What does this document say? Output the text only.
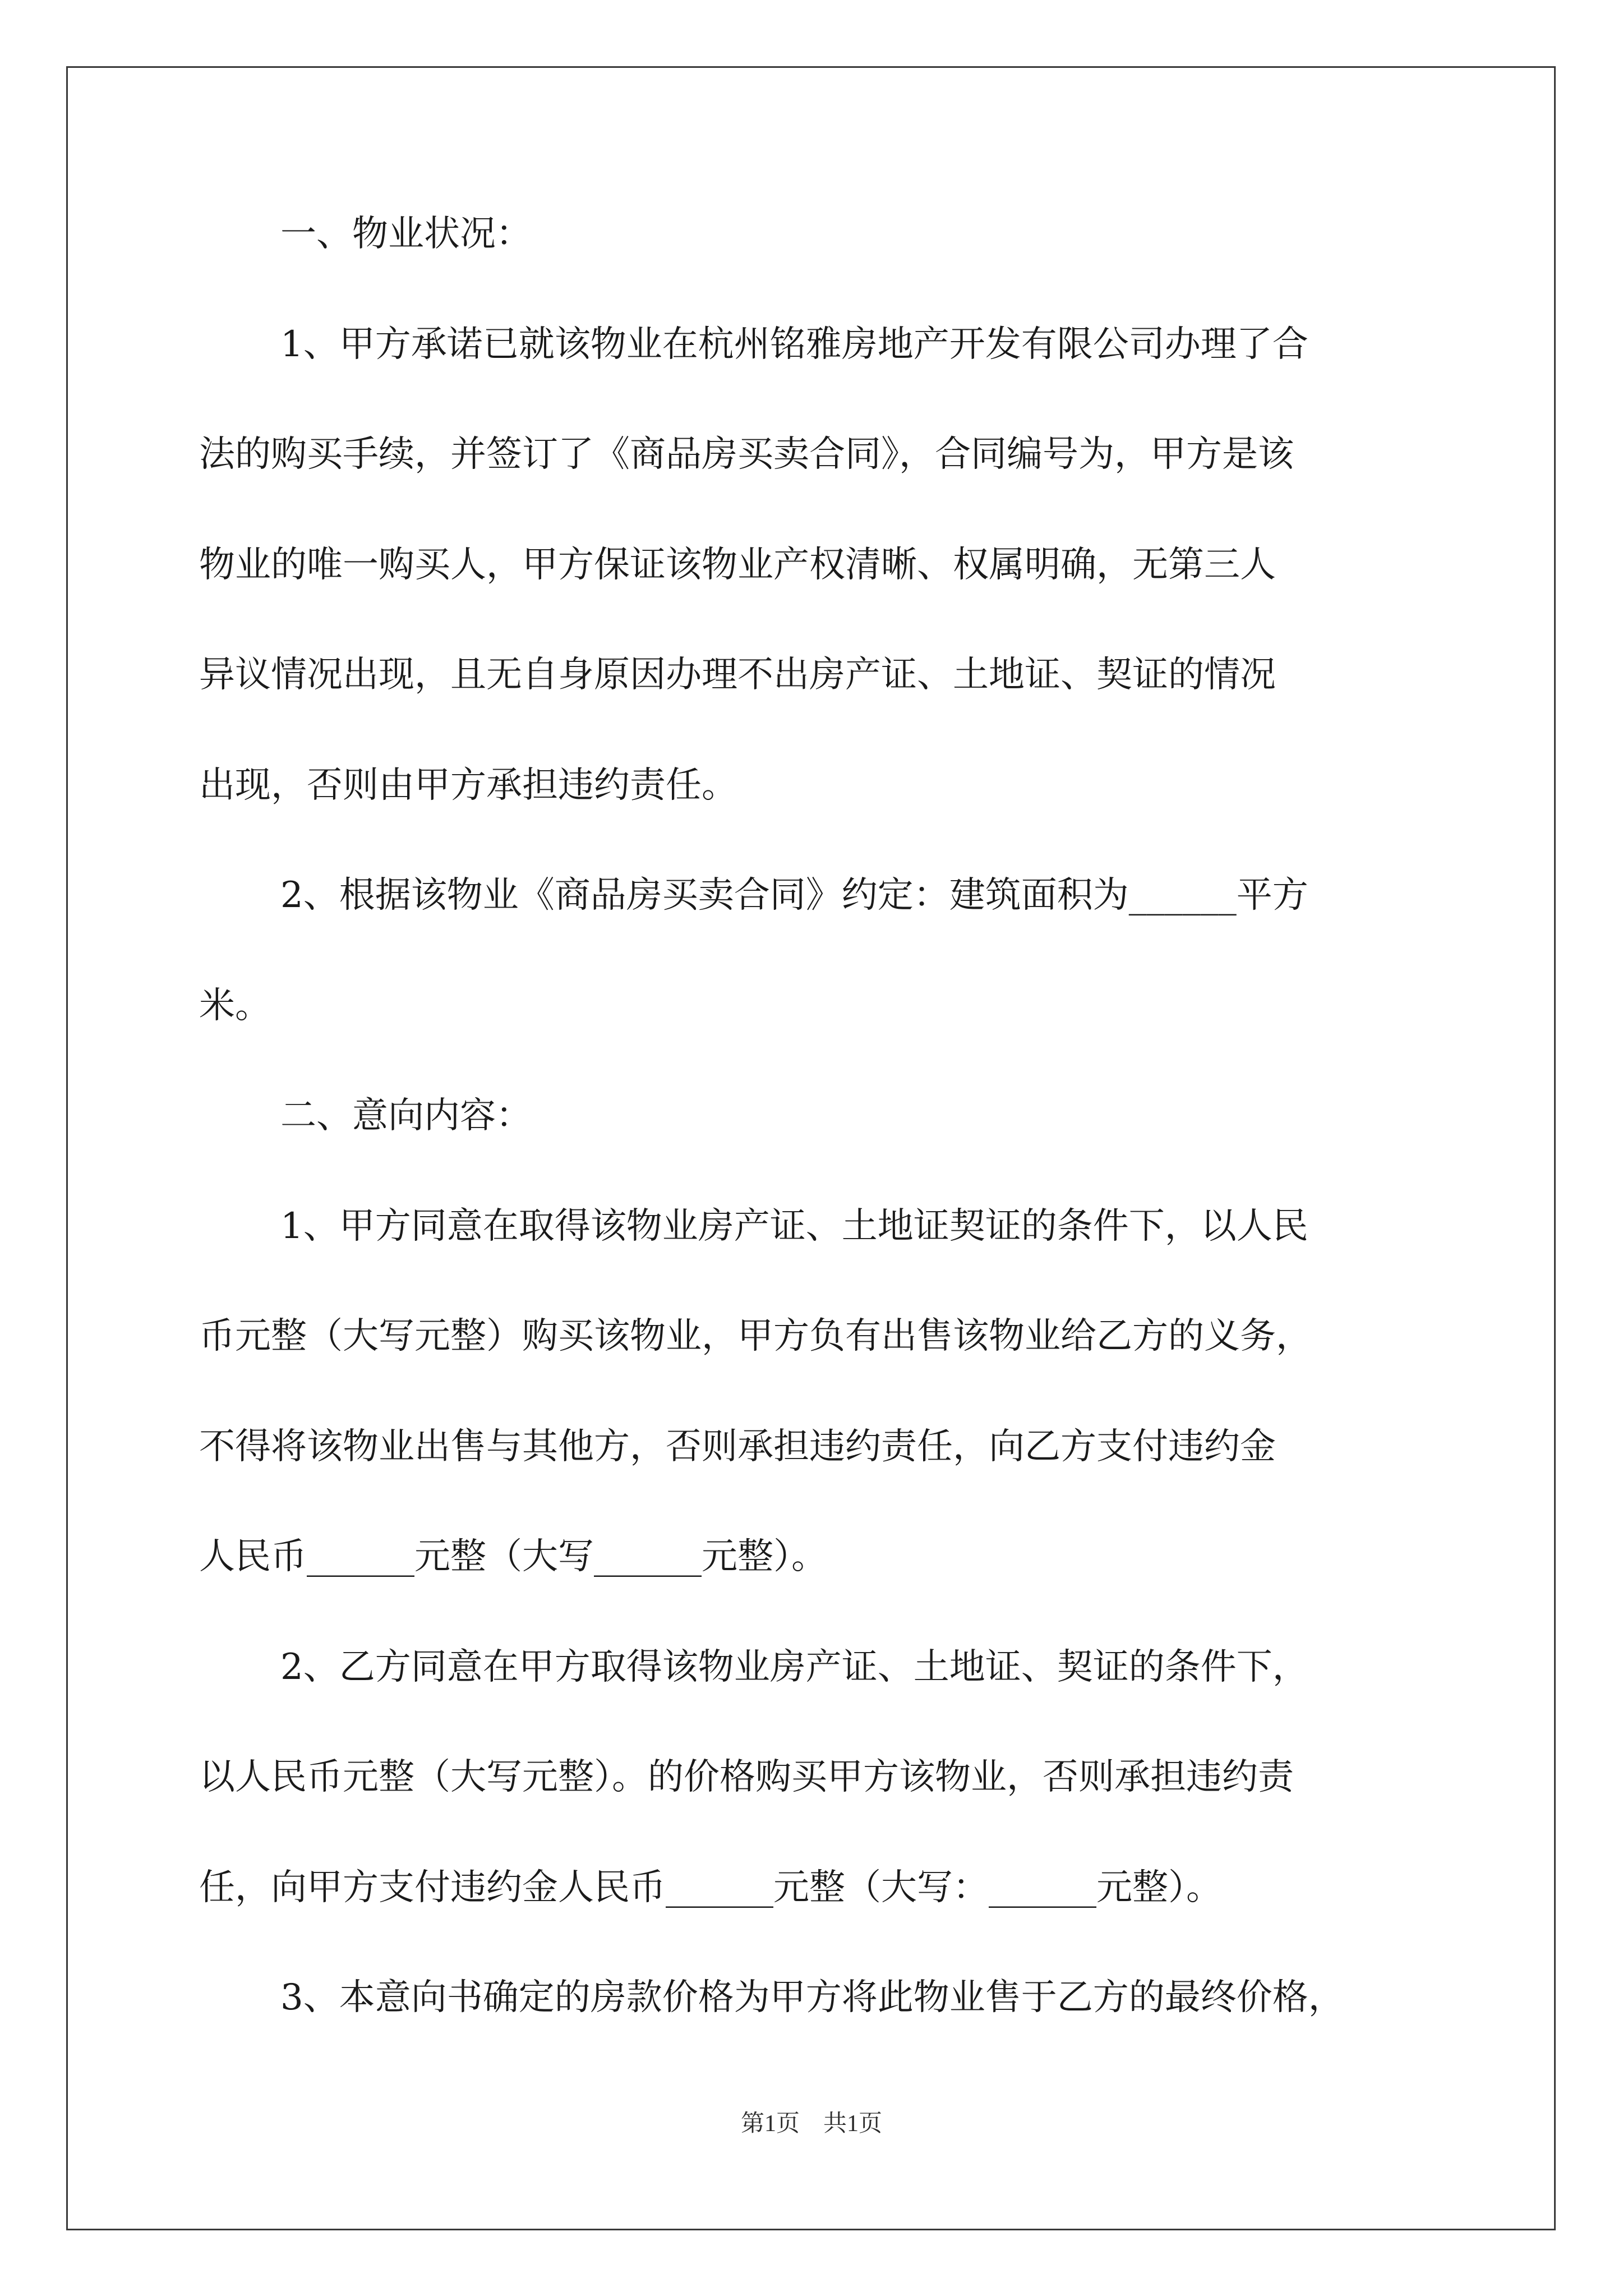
一、物业状况：
1、甲方承诺已就该物业在杭州铭雅房地产开发有限公司办理了合
法的购买手续，并签订了《商品房买卖合同》，合同编号为，甲方是该
物业的唯一购买人，甲方保证该物业产权清晰、权属明确，无第三人
异议情况出现，且无自身原因办理不出房产证、土地证、契证的情况
出现，否则由甲方承担违约责任。
2、根据该物业《商品房买卖合同》约定：建筑面积为______平方
米。
二、意向内容：
1、甲方同意在取得该物业房产证、土地证契证的条件下，以人民
币元整（大写元整）购买该物业，甲方负有出售该物业给乙方的义务，
不得将该物业出售与其他方，否则承担违约责任，向乙方支付违约金
人民币______元整（大写______元整）。
2、乙方同意在甲方取得该物业房产证、土地证、契证的条件下，
以人民币元整（大写元整）。的价格购买甲方该物业，否则承担违约责
任，向甲方支付违约金人民币______元整（大写：______元整）。
3、本意向书确定的房款价格为甲方将此物业售于乙方的最终价格，
第1页　共1页
